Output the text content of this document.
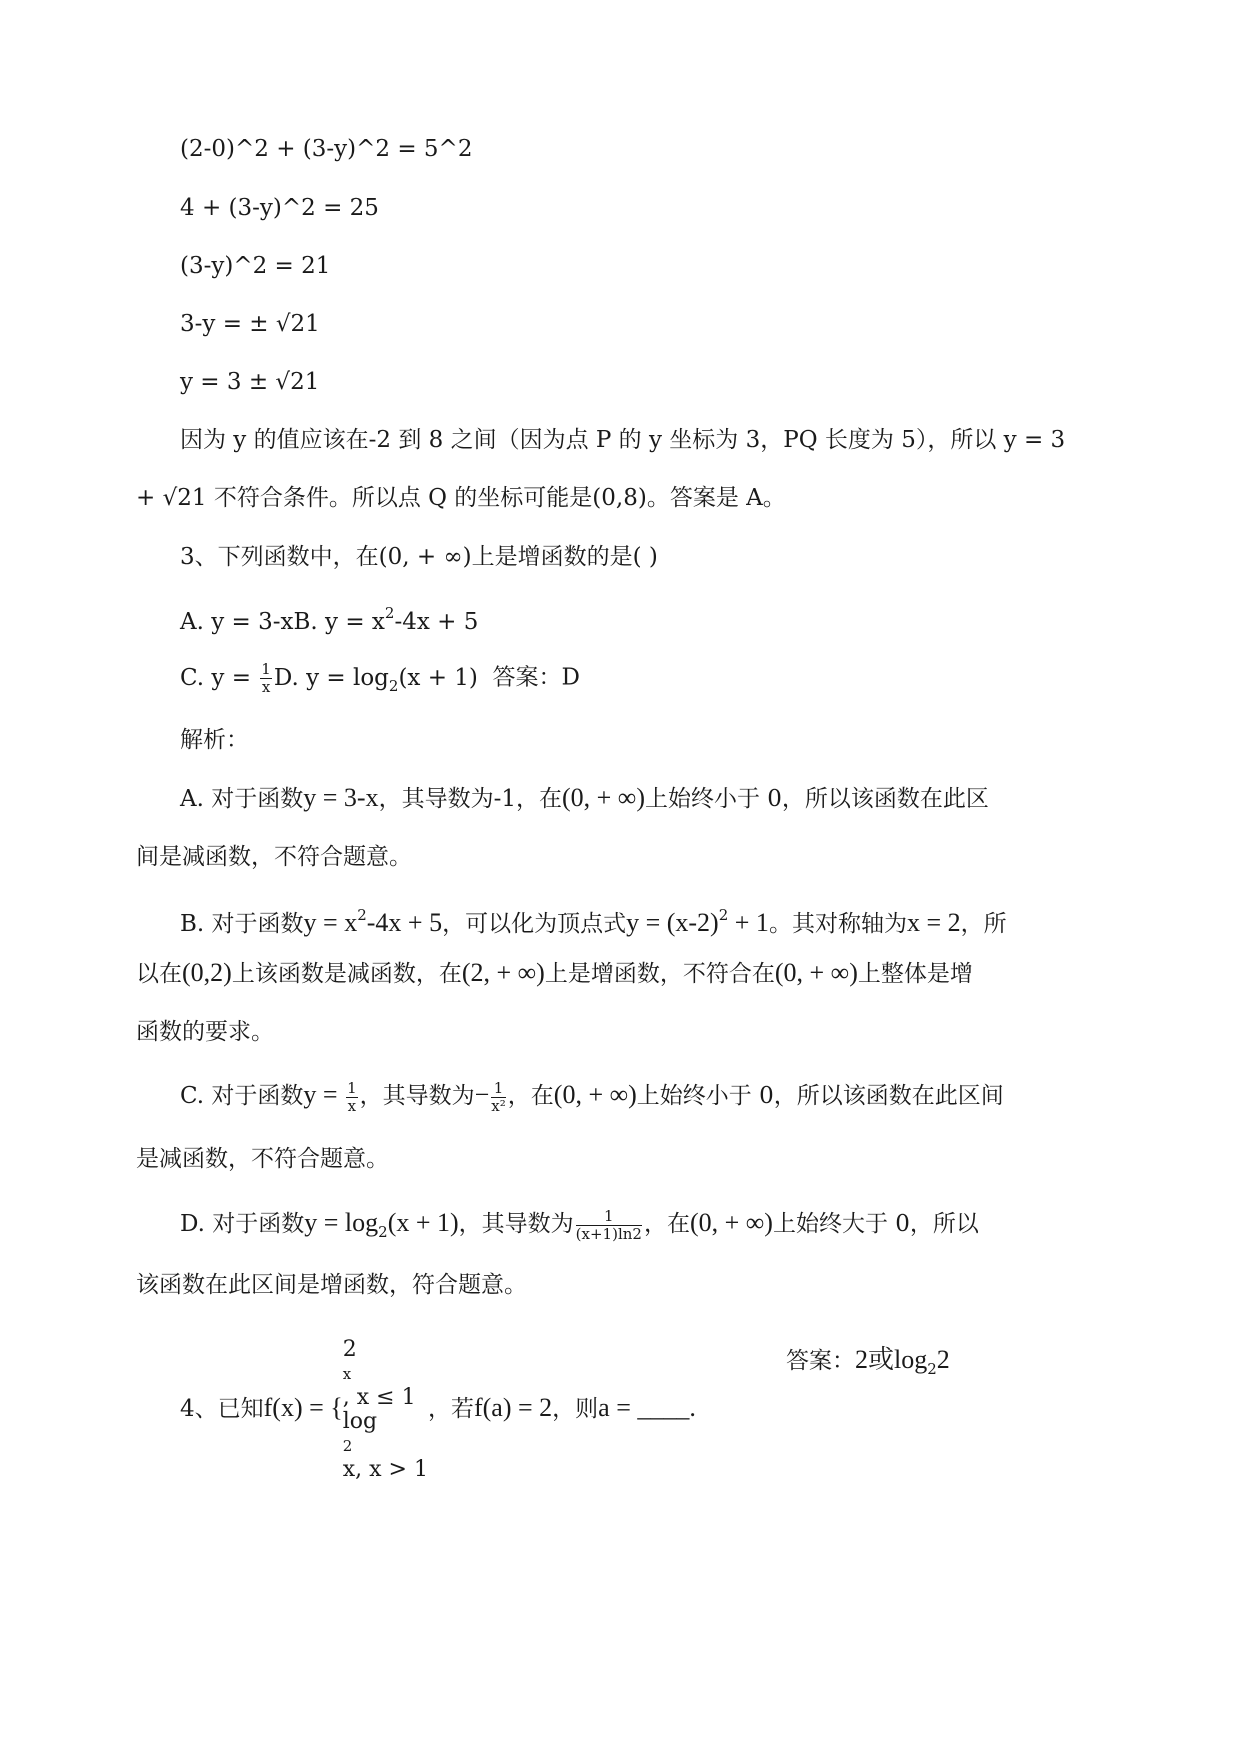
(2-0)^2 + (3-y)^2 = 5^2
4 + (3-y)^2 = 25
(3-y)^2 = 21
3-y = ± √21
y = 3 ± √21
因为 y 的值应该在-2 到 8 之间（因为点 P 的 y 坐标为 3，PQ 长度为 5），所以 y = 3
+ √21 不符合条件。所以点 Q 的坐标可能是(0,8)。答案是 A。
3、下列函数中，在(0, + ∞)上是增函数的是( )
A. y = 3-xB. $y = x^2-4x + 5$
C. $y = \frac{1}{x} D$. $y = \log_2(x + 1)$ 答案：D
解析：
A. 对于函数y = 3-x，其导数为-1，在(0, + ∞)上始终小于 0，所以该函数在此区
间是减函数，不符合题意。
B. 对于函数$y = x^2-4x + 5$，可以化为顶点式$y = (x-2)^2 + 1$。其对称轴为x = 2，所
以在(0,2)上该函数是减函数，在(2, + ∞)上是增函数，不符合在(0, + ∞)上整体是增
函数的要求。
C. 对于函数$y = \frac{1}{x}$ ，其导数为− $\frac{1}{\text{x²}}$ ，在(0, + ∞)上始终小于 0，所以该函数在此区间
是减函数，不符合题意。
D. 对于函数$y = \log_2(x + 1)$，其导数为 $\frac{1}{(x+1)\ln 2}$ ，在(0, + ∞)上始终大于 0，所以
该函数在此区间是增函数，符合题意。
4、已知f(x) = {
2
x
, x ≤ 1
log
2
x, x > 1
，若f(a) = 2，则a = ____.
答案：2或$\log_22$
